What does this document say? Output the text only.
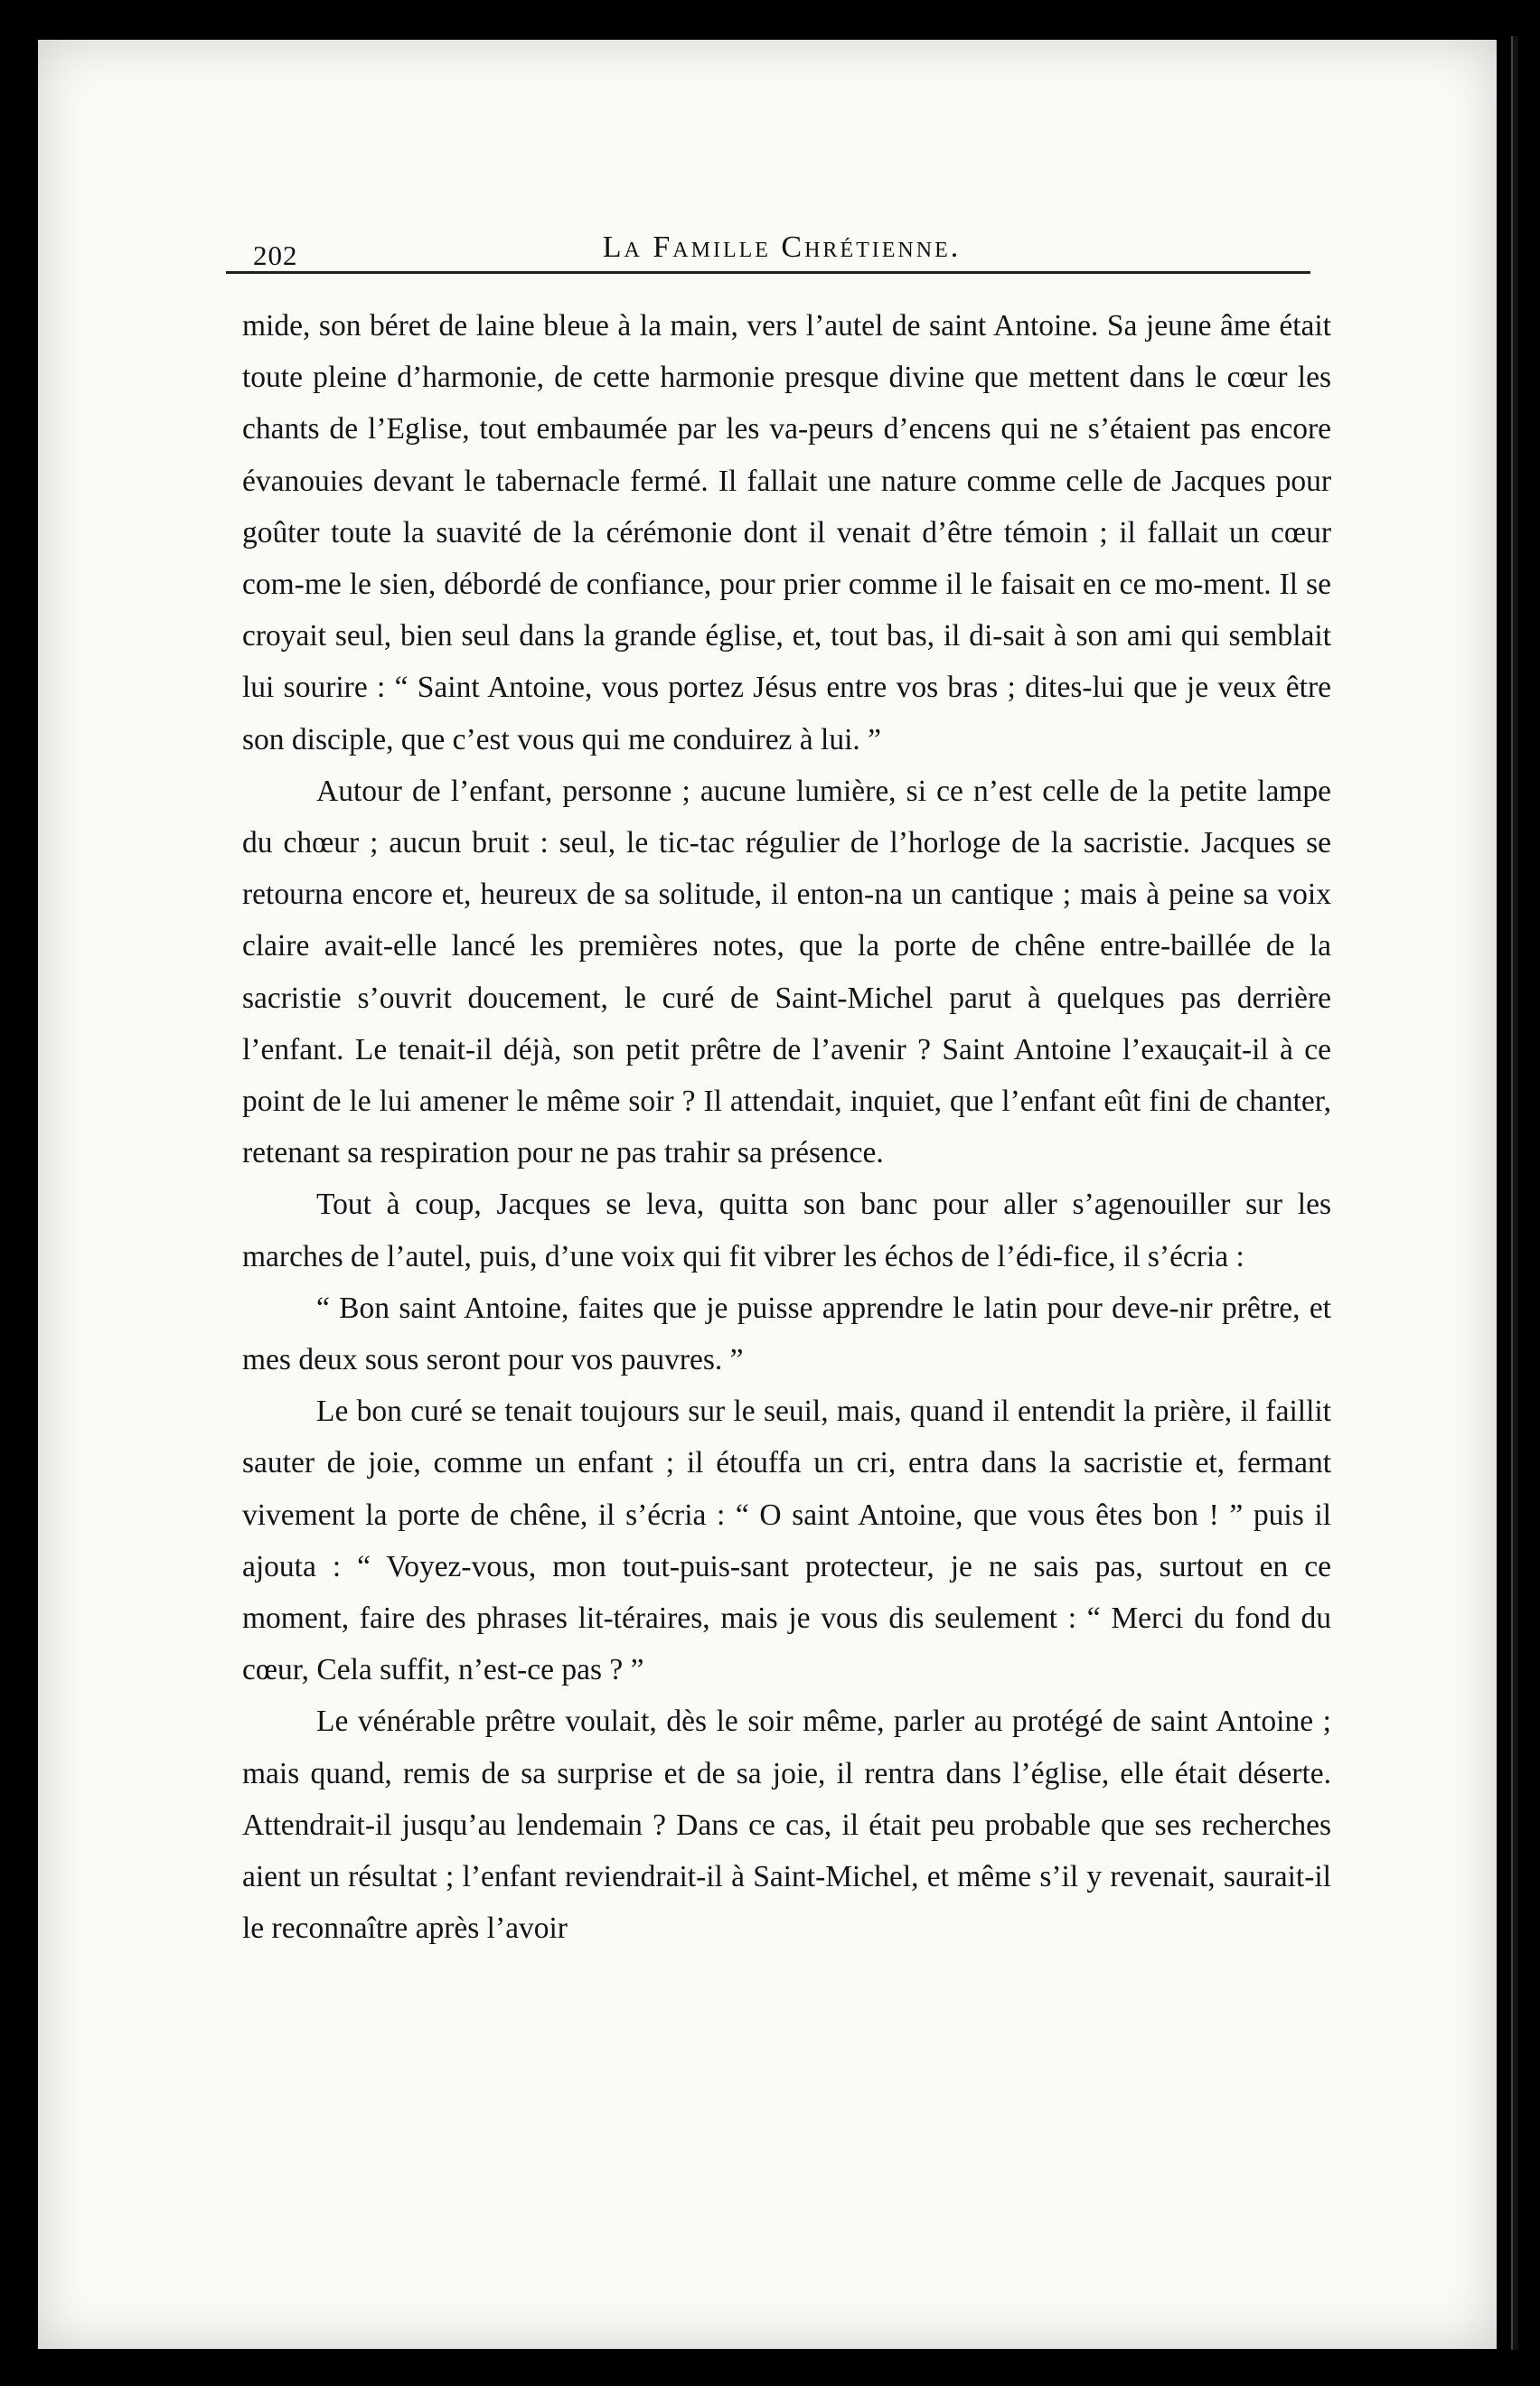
202	La Famille Chrétienne.

mide, son béret de laine bleue à la main, vers l’autel de saint Antoine. Sa jeune âme était toute pleine d’harmonie, de cette harmonie presque divine que mettent dans le cœur les chants de l’Eglise, tout embaumée par les va-peurs d’encens qui ne s’étaient pas encore évanouies devant le tabernacle fermé. Il fallait une nature comme celle de Jacques pour goûter toute la suavité de la cérémonie dont il venait d’être témoin ; il fallait un cœur com-me le sien, débordé de confiance, pour prier comme il le faisait en ce mo-ment. Il se croyait seul, bien seul dans la grande église, et, tout bas, il di-sait à son ami qui semblait lui sourire : “ Saint Antoine, vous portez Jésus entre vos bras ; dites-lui que je veux être son disciple, que c’est vous qui me conduirez à lui. ”

Autour de l’enfant, personne ; aucune lumière, si ce n’est celle de la petite lampe du chœur ; aucun bruit : seul, le tic-tac régulier de l’horloge de la sacristie. Jacques se retourna encore et, heureux de sa solitude, il enton-na un cantique ; mais à peine sa voix claire avait-elle lancé les premières notes, que la porte de chêne entre-baillée de la sacristie s’ouvrit doucement, le curé de Saint-Michel parut à quelques pas derrière l’enfant. Le tenait-il déjà, son petit prêtre de l’avenir ? Saint Antoine l’exauçait-il à ce point de le lui amener le même soir ? Il attendait, inquiet, que l’enfant eût fini de chanter, retenant sa respiration pour ne pas trahir sa présence.

Tout à coup, Jacques se leva, quitta son banc pour aller s’agenouiller sur les marches de l’autel, puis, d’une voix qui fit vibrer les échos de l’édi-fice, il s’écria :

“ Bon saint Antoine, faites que je puisse apprendre le latin pour deve-nir prêtre, et mes deux sous seront pour vos pauvres. ”

Le bon curé se tenait toujours sur le seuil, mais, quand il entendit la prière, il faillit sauter de joie, comme un enfant ; il étouffa un cri, entra dans la sacristie et, fermant vivement la porte de chêne, il s’écria : “ O saint Antoine, que vous êtes bon ! ” puis il ajouta : “ Voyez-vous, mon tout-puis-sant protecteur, je ne sais pas, surtout en ce moment, faire des phrases lit-téraires, mais je vous dis seulement : “ Merci du fond du cœur, Cela suffit, n’est-ce pas ? ”

Le vénérable prêtre voulait, dès le soir même, parler au protégé de saint Antoine ; mais quand, remis de sa surprise et de sa joie, il rentra dans l’église, elle était déserte. Attendrait-il jusqu’au lendemain ? Dans ce cas, il était peu probable que ses recherches aient un résultat ; l’enfant reviendrait-il à Saint-Michel, et même s’il y revenait, saurait-il le reconnaître après l’avoir
